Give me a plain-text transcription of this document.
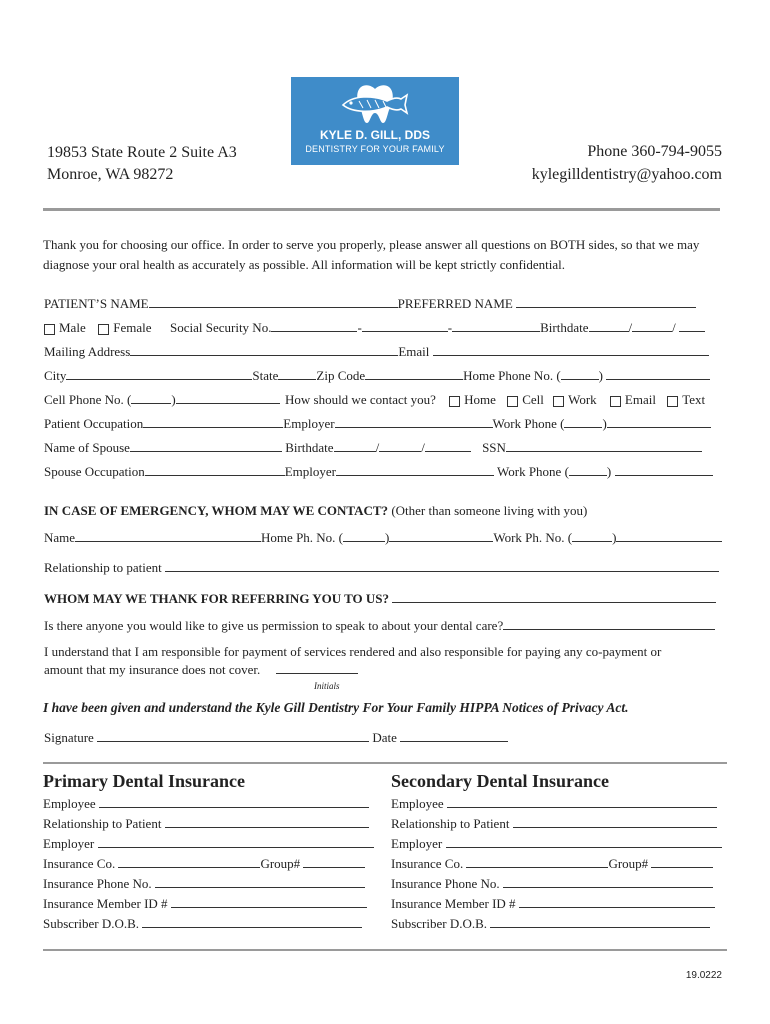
KYLE D. GILL, DDS
DENTISTRY FOR YOUR FAMILY
19853 State Route 2 Suite A3
Monroe, WA 98272
Phone 360-794-9055
kylegilldentistry@yahoo.com
Thank you for choosing our office. In order to serve you properly, please answer all questions on BOTH sides, so that we may diagnose your oral health as accurately as possible. All information will be kept strictly confidential.
PATIENT’S NAME	PREFERRED NAME
Male Female Social Security No.	-	-	Birthdate	/	/
Mailing Address	Email
City	State	Zip Code	Home Phone No. (	)
Cell Phone No. (	)	How should we contact you? Home Cell Work Email Text
Patient Occupation	Employer	Work Phone (	)
Name of Spouse	Birthdate	/	/	SSN
Spouse Occupation	Employer	Work Phone (	)
IN CASE OF EMERGENCY, WHOM MAY WE CONTACT? (Other than someone living with you)
Name	Home Ph. No. (	)	Work Ph. No. (	)
Relationship to patient
WHOM MAY WE THANK FOR REFERRING YOU TO US?
Is there anyone you would like to give us permission to speak to about your dental care?
I understand that I am responsible for payment of services rendered and also responsible for paying any co-payment or
amount that my insurance does not cover.
Initials
I have been given and understand the Kyle Gill Dentistry For Your Family HIPPA Notices of Privacy Act.
Signature	Date
Primary Dental Insurance	Secondary Dental Insurance
Employee
Relationship to Patient
Employer
Insurance Co.	Group#
Insurance Phone No.
Insurance Member ID #
Subscriber D.O.B.
Employee
Relationship to Patient
Employer
Insurance Co.	Group#
Insurance Phone No.
Insurance Member ID #
Subscriber D.O.B.
19.0222
